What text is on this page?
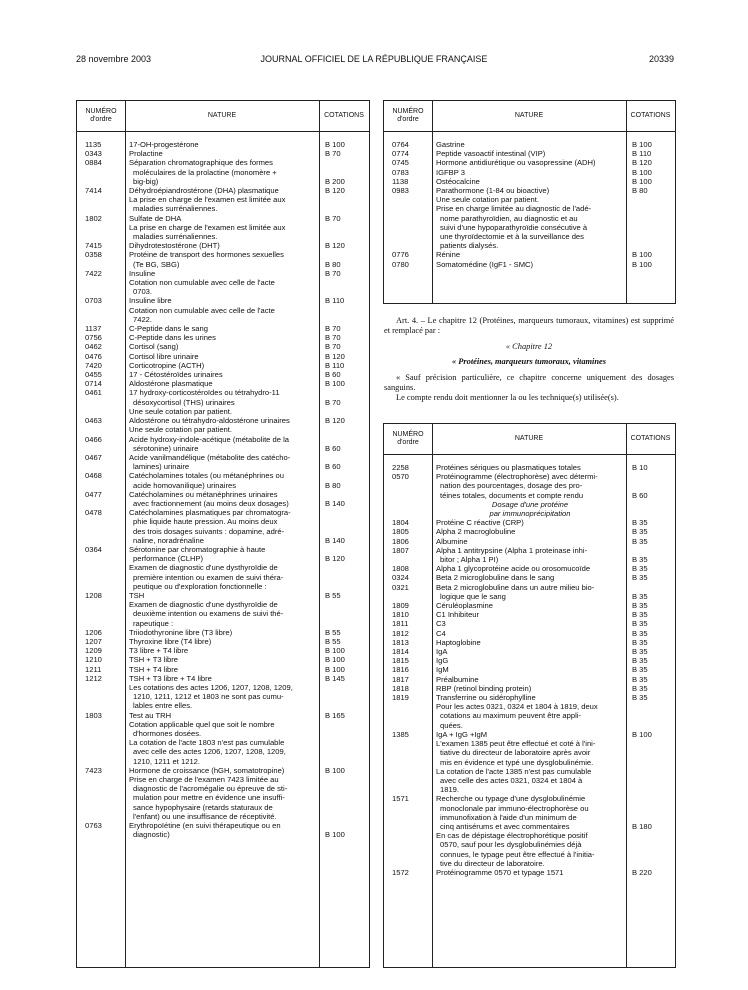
28 novembre 2003	JOURNAL OFFICIEL DE LA RÉPUBLIQUE FRANÇAISE	20339
NUMÉRO
d'ordre
NATURE	COTATIONS
1135	17-OH-progestérone	B 100
0343	Prolactine	B 70
0884	Séparation chromatographique des formes
moléculaires de la prolactine (monomère +
big-big)	B 200
7414	Déhydroépiandrostérone (DHA) plasmatique	B 120
La prise en charge de l'examen est limitée aux
maladies surrénaliennes.
1802	Sulfate de DHA	B 70
La prise en charge de l'examen est limitée aux
maladies surrénaliennes.
7415	Dihydrotestostérone (DHT)	B 120
0358	Protéine de transport des hormones sexuelles
(Te BG, SBG)	B 80
7422	Insuline	B 70
Cotation non cumulable avec celle de l'acte
0703.
0703	Insuline libre	B 110
Cotation non cumulable avec celle de l'acte
7422.
1137	C-Peptide dans le sang	B 70
0756	C-Peptide dans les urines	B 70
0462	Cortisol (sang)	B 70
0476	Cortisol libre urinaire	B 120
7420	Corticotropine (ACTH)	B 110
0455	17 - Cétostéroïdes urinaires	B 60
0714	Aldostérone plasmatique	B 100
0461	17 hydroxy-corticostéroïdes ou tétrahydro-11
désoxycortisol (THS) urinaires	B 70
Une seule cotation par patient.
0463	Aldostérone ou tétrahydro-aldostérone urinaires	B 120
Une seule cotation par patient.
0466	Acide hydroxy-indole-acétique (métabolite de la
sérotonine) urinaire	B 60
0467	Acide vanilmandélique (métabolite des catécho-
lamines) urinaire	B 60
0468	Catécholamines totales (ou métanéphrines ou
acide homovanilique) urinaires	B 80
0477	Catécholamines ou métanéphrines urinaires
avec fractionnement (au moins deux dosages)	B 140
0478	Catécholamines plasmatiques par chromatogra-
phie liquide haute pression. Au moins deux
des trois dosages suivants : dopamine, adré-
naline, noradrénaline	B 140
0364	Sérotonine par chromatographie à haute
performance (CLHP)	B 120
Examen de diagnostic d'une dysthyroïdie de
première intention ou examen de suivi théra-
peutique ou d'exploration fonctionnelle :
1208	TSH	B 55
Examen de diagnostic d'une dysthyroïdie de
deuxième intention ou examens de suivi thé-
rapeutique :
1206	Triiodothyronine libre (T3 libre)	B 55
1207	Thyroxine libre (T4 libre)	B 55
1209	T3 libre + T4 libre	B 100
1210	TSH + T3 libre	B 100
1211	TSH + T4 libre	B 100
1212	TSH + T3 libre + T4 libre	B 145
Les cotations des actes 1206, 1207, 1208, 1209,
1210, 1211, 1212 et 1803 ne sont pas cumu-
lables entre elles.
1803	Test au TRH	B 165
Cotation applicable quel que soit le nombre
d'hormones dosées.
La cotation de l'acte 1803 n'est pas cumulable
avec celle des actes 1206, 1207, 1208, 1209,
1210, 1211 et 1212.
7423	Hormone de croissance (hGH, somatotropine)	B 100
Prise en charge de l'examen 7423 limitée au
diagnostic de l'acromégalie ou épreuve de sti-
mulation pour mettre en évidence une insuffi-
sance hypophysaire (retards staturaux de
l'enfant) ou une insuffisance de réceptivité.
0763	Erythropoïétine (en suivi thérapeutique ou en
diagnostic)	B 100
NUMÉRO
d'ordre
NATURE	COTATIONS
0764	Gastrine	B 100
0774	Peptide vasoactif intestinal (VIP)	B 110
0745	Hormone antidiurétique ou vasopressine (ADH)	B 120
0783	IGFBP 3	B 100
1138	Ostéocalcine	B 100
0983	Parathormone (1-84 ou bioactive)	B 80
Une seule cotation par patient.
Prise en charge limitée au diagnostic de l'adé-
nome parathyroïdien, au diagnostic et au
suivi d'une hypoparathyroïdie consécutive à
une thyroïdectomie et à la surveillance des
patients dialysés.
0776	Rénine	B 100
0780	Somatomédine (IgF1 - SMC)	B 100

Art. 4. – Le chapitre 12 (Protéines, marqueurs tumoraux, vitamines) est supprimé et remplacé par :

« Chapitre 12

« Protéines, marqueurs tumoraux, vitamines

« Sauf précision particulière, ce chapitre concerne uniquement des dosages sanguins.

Le compte rendu doit mentionner la ou les technique(s) utilisée(s).

NUMÉRO
d'ordre
NATURE	COTATIONS
2258	Protéines sériques ou plasmatiques totales	B 10
0570	Protéinogramme (électrophorèse) avec détermi-
nation des pourcentages, dosage des pro-
téines totales, documents et compte rendu	B 60
Dosage d'une protéine
par immunoprécipitation
1804	Protéine C réactive (CRP)	B 35
1805	Alpha 2 macroglobuline	B 35
1806	Albumine	B 35
1807	Alpha 1 antitrypsine (Alpha 1 proteinase inhi-
bitor ; Alpha 1 PI)	B 35
1808	Alpha 1 glycoprotéine acide ou orosomucoïde	B 35
0324	Beta 2 microglobuline dans le sang	B 35
0321	Beta 2 microglobuline dans un autre milieu bio-
logique que le sang	B 35
1809	Céruléoplasmine	B 35
1810	C1 Inhibiteur	B 35
1811	C3	B 35
1812	C4	B 35
1813	Haptoglobine	B 35
1814	IgA	B 35
1815	IgG	B 35
1816	IgM	B 35
1817	Préalbumine	B 35
1818	RBP (retinol binding protein)	B 35
1819	Transferrine ou sidérophylline	B 35
Pour les actes 0321, 0324 et 1804 à 1819, deux
cotations au maximum peuvent être appli-
quées.
1385	IgA + IgG +IgM	B 100
L'examen 1385 peut être effectué et coté à l'ini-
tiative du directeur de laboratoire après avoir
mis en évidence et typé une dysglobulinémie.
La cotation de l'acte 1385 n'est pas cumulable
avec celle des actes 0321, 0324 et 1804 à
1819.
1571	Recherche ou typage d'une dysglobulinémie
monoclonale par immuno-électrophorèse ou
immunofixation à l'aide d'un minimum de
cinq antisérums et avec commentaires	B 180
En cas de dépistage électrophorétique positif
0570, sauf pour les dysglobulinémies déjà
connues, le typage peut être effectué à l'initia-
tive du directeur de laboratoire.
1572	Protéinogramme 0570 et typage 1571	B 220
